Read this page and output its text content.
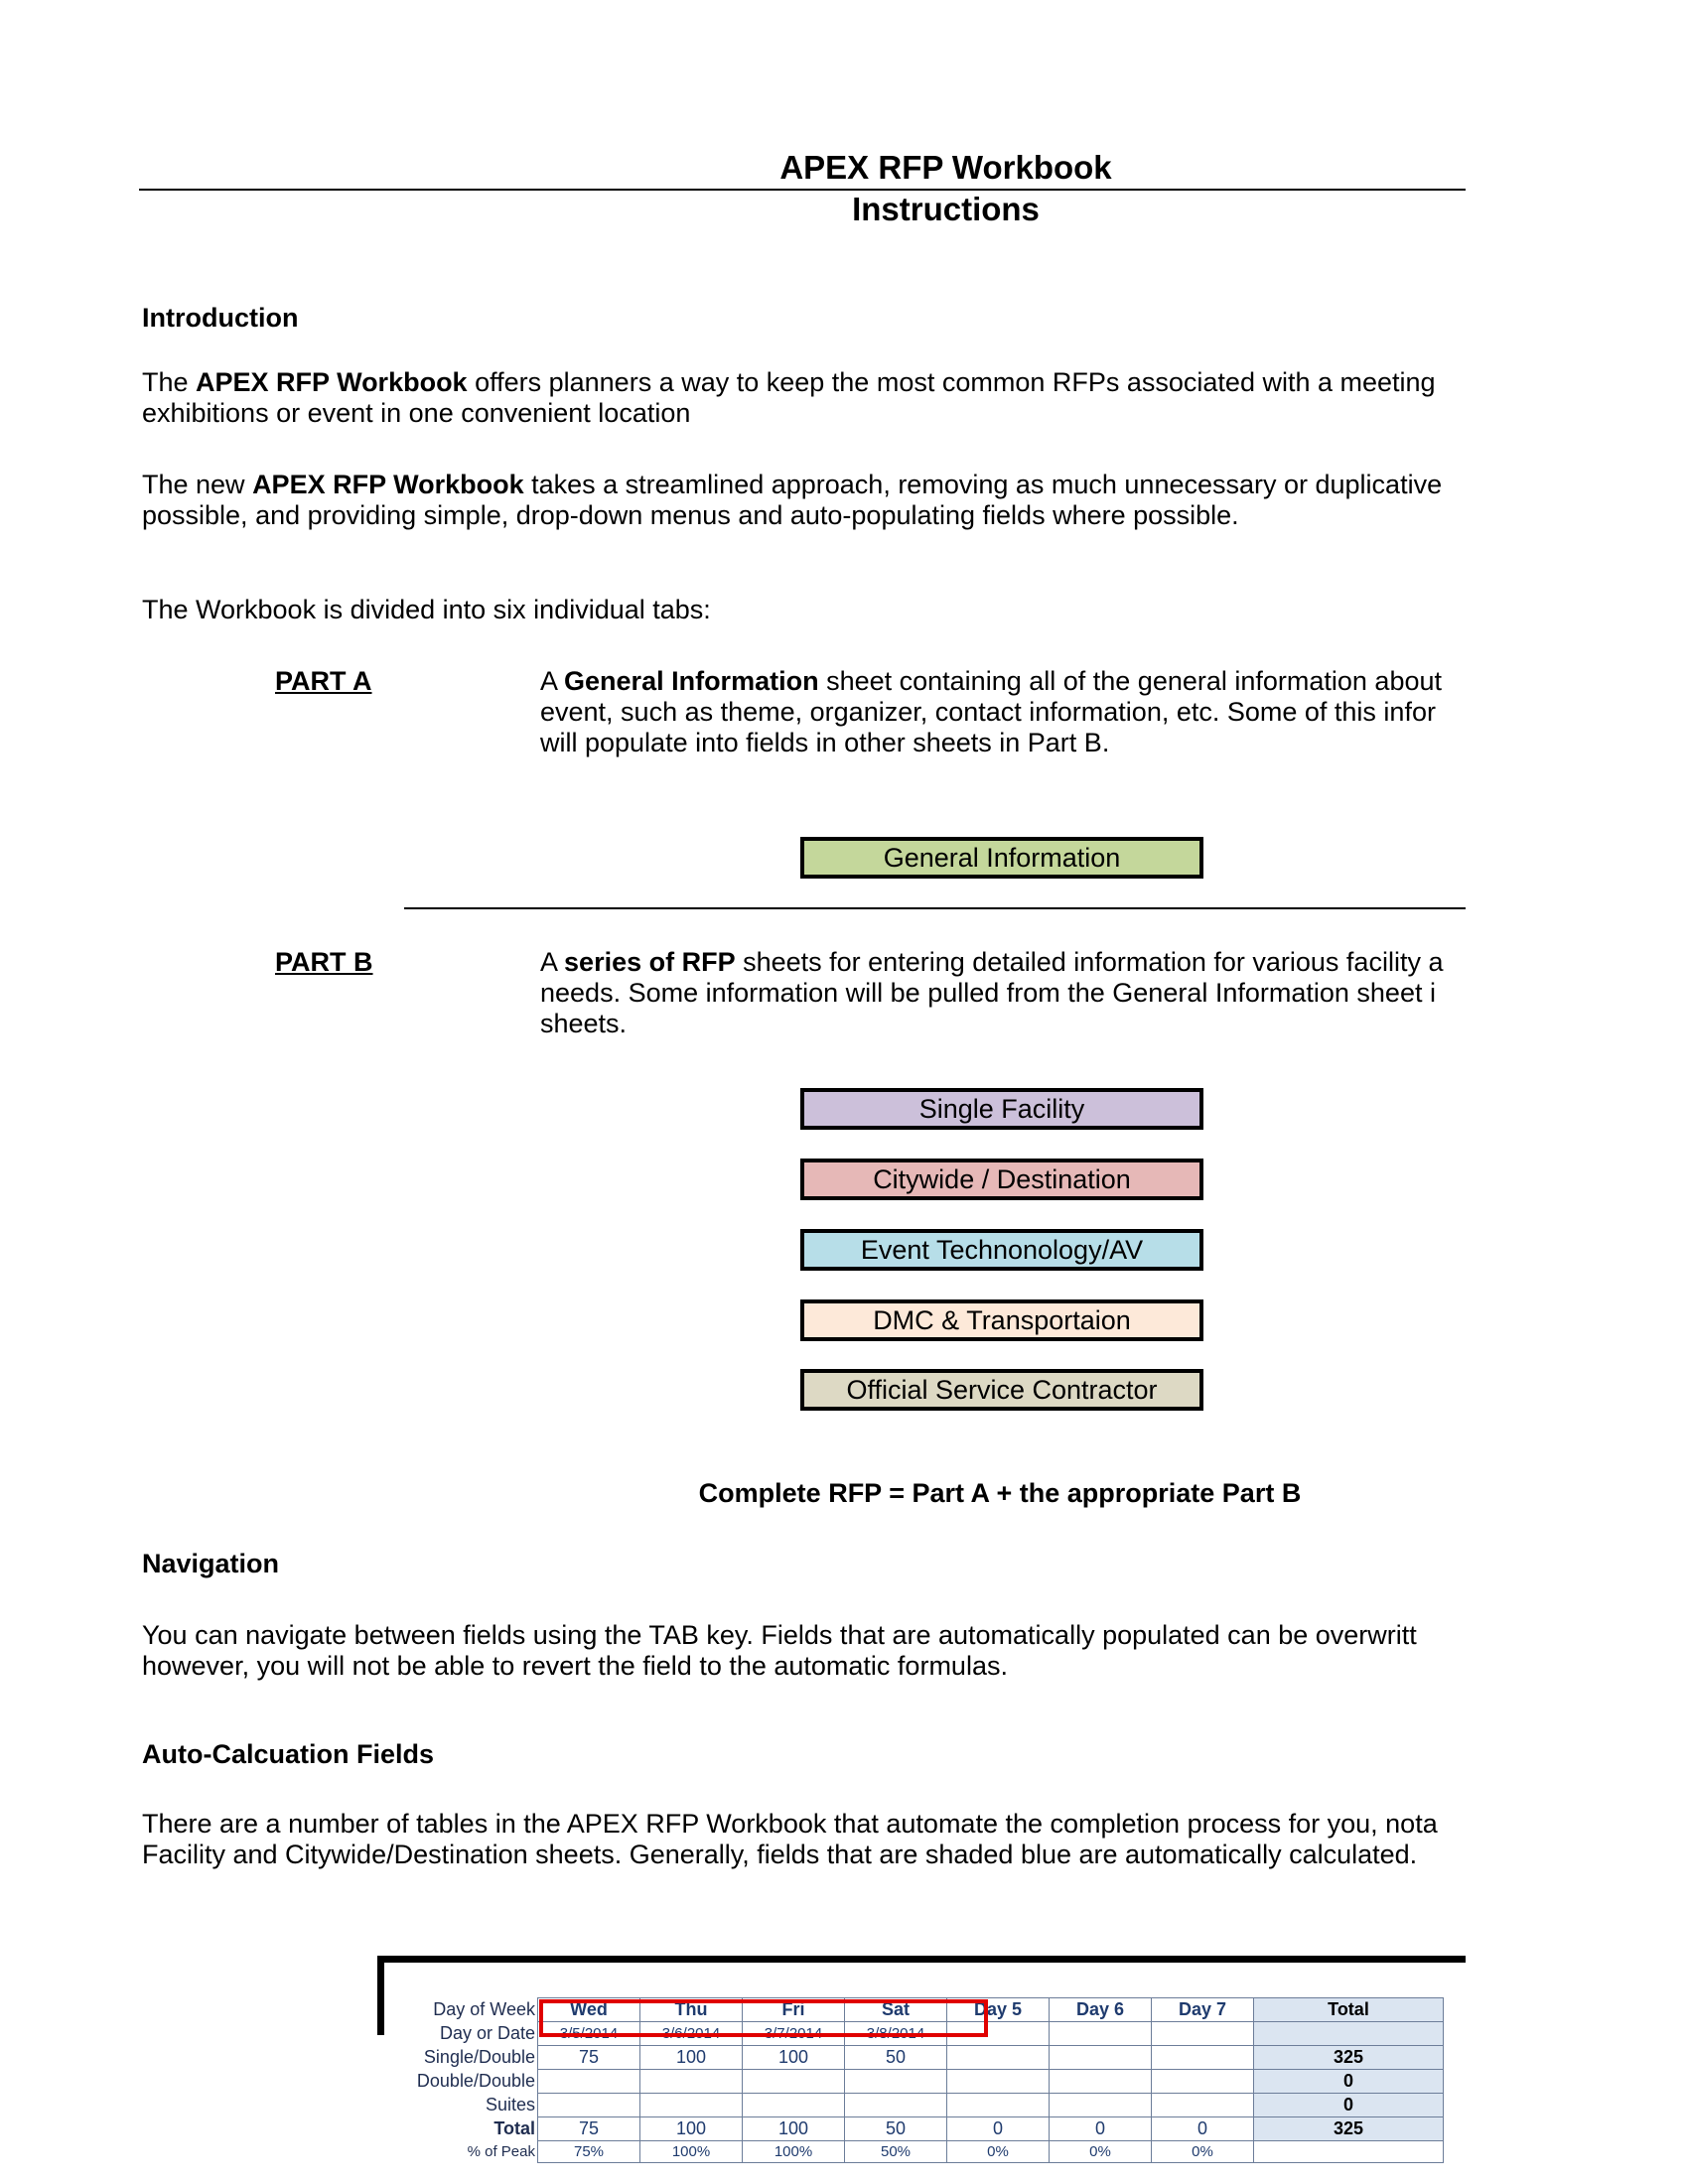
APEX RFP Workbook
Instructions
Introduction
The APEX RFP Workbook offers planners a way to keep the most common RFPs associated with a meeting
exhibitions or event in one convenient location
The new APEX RFP Workbook takes a streamlined approach, removing as much unnecessary or duplicative
possible, and providing simple, drop-down menus and auto-populating fields where possible.
The Workbook is divided into six individual tabs:
PART A	A General Information sheet containing all of the general information about
event, such as theme, organizer, contact information, etc. Some of this infor
will populate into fields in other sheets in Part B.
General Information
PART B	A series of RFP sheets for entering detailed information for various facility a
needs. Some information will be pulled from the General Information sheet i
sheets.
Single Facility
Citywide / Destination
Event Technonology/AV
DMC & Transportaion
Official Service Contractor
Complete RFP = Part A + the appropriate Part B
Navigation
You can navigate between fields using the TAB key. Fields that are automatically populated can be overwritt
however, you will not be able to revert the field to the automatic formulas.
Auto-Calcuation Fields
There are a number of tables in the APEX RFP Workbook that automate the completion process for you, nota
Facility and Citywide/Destination sheets. Generally, fields that are shaded blue are automatically calculated.
Day of Week	Wed	Thu	Fri	Sat	Day 5	Day 6	Day 7	Total
Day or Date	3/5/2014	3/6/2014	3/7/2014	3/8/2014				
Single/Double	75	100	100	50				325
Double/Double								0
Suites								0
Total	75	100	100	50	0	0	0	325
% of Peak	75%	100%	100%	50%	0%	0%	0%	
